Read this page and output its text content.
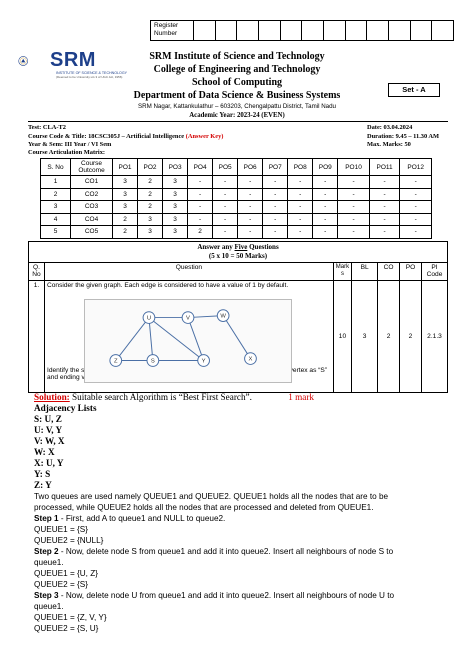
Register Number
SRM
INSTITUTE OF SCIENCE & TECHNOLOGY
(Deemed to be University u/s 3 of UGC Act, 1956)
SRM Institute of Science and Technology
College of Engineering and Technology
School of Computing
Department of Data Science & Business Systems
SRM Nagar, Kattankulathur – 603203, Chengalpattu District, Tamil Nadu
Academic Year: 2023-24 (EVEN)
Set - A
Test: CLA-T2	Date: 03.04.2024
Course Code & Title: 18CSC305J – Artificial Intelligence (Answer Key)	Duration: 9.45 – 11.30 AM
Year & Sem: III Year / VI Sem	Max. Marks: 50
Course Articulation Matrix:
S. No	Course Outcome	PO1	PO2	PO3	PO4	PO5	PO6	PO7	PO8	PO9	PO10	PO11	PO12
1	CO1	3	2	3	-	-	-	-	-	-	-	-	-
2	CO2	3	2	3	-	-	-	-	-	-	-	-	-
3	CO3	3	2	3	-	-	-	-	-	-	-	-	-
4	CO4	2	3	3	-	-	-	-	-	-	-	-	-
5	CO5	2	3	3	2	-	-	-	-	-	-	-	-
Answer any Five Questions
(5 x 10 = 50 Marks)						
Q. No	Question	Mark s	BL	CO	PO	PI Code
1.	Consider the given graph. Each edge is considered to have a value of 1 by default.
Identify the searching algorithm that we can apply for the above graph with starting vertex as “S” and ending vertex as “X”.	10	3	2	2	2.1.3
Z
U	V	W
X
Y
S
Solution: Suitable search Algorithm is “Best First Search”.	1 mark
Adjacency Lists
S: U, Z
U: V, Y
V: W, X
W: X
X: U, Y
Y: S
Z: Y
Two queues are used namely QUEUE1 and QUEUE2. QUEUE1 holds all the nodes that are to be
processed, while QUEUE2 holds all the nodes that are processed and deleted from QUEUE1.
Step 1 - First, add A to queue1 and NULL to queue2.
QUEUE1 = {S}
QUEUE2 = {NULL}
Step 2 - Now, delete node S from queue1 and add it into queue2. Insert all neighbours of node S to
queue1.
QUEUE1 = {U, Z}
QUEUE2 = {S}
Step 3 - Now, delete node U from queue1 and add it into queue2. Insert all neighbours of node U to
queue1.
QUEUE1 = {Z, V, Y}
QUEUE2 = {S, U}
